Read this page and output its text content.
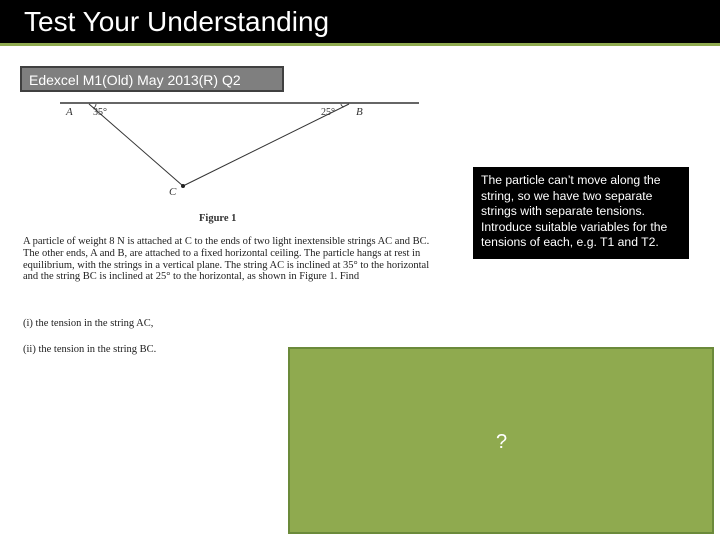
Test Your Understanding
Edexcel M1(Old) May 2013(R) Q2
A 35°	25° B
C
Figure 1

A particle of weight 8 N is attached at C to the ends of two light inextensible strings AC and BC. The other ends, A and B, are attached to a fixed horizontal ceiling. The particle hangs at rest in equilibrium, with the strings in a vertical plane. The string AC is inclined at 35° to the horizontal and the string BC is inclined at 25° to the horizontal, as shown in Figure 1. Find

(i) the tension in the string AC,
(ii) the tension in the string BC.
The particle can’t move along the string, so we have two separate strings with separate tensions. Introduce suitable variables for the tensions of each, e.g. T1 and T2.
?
